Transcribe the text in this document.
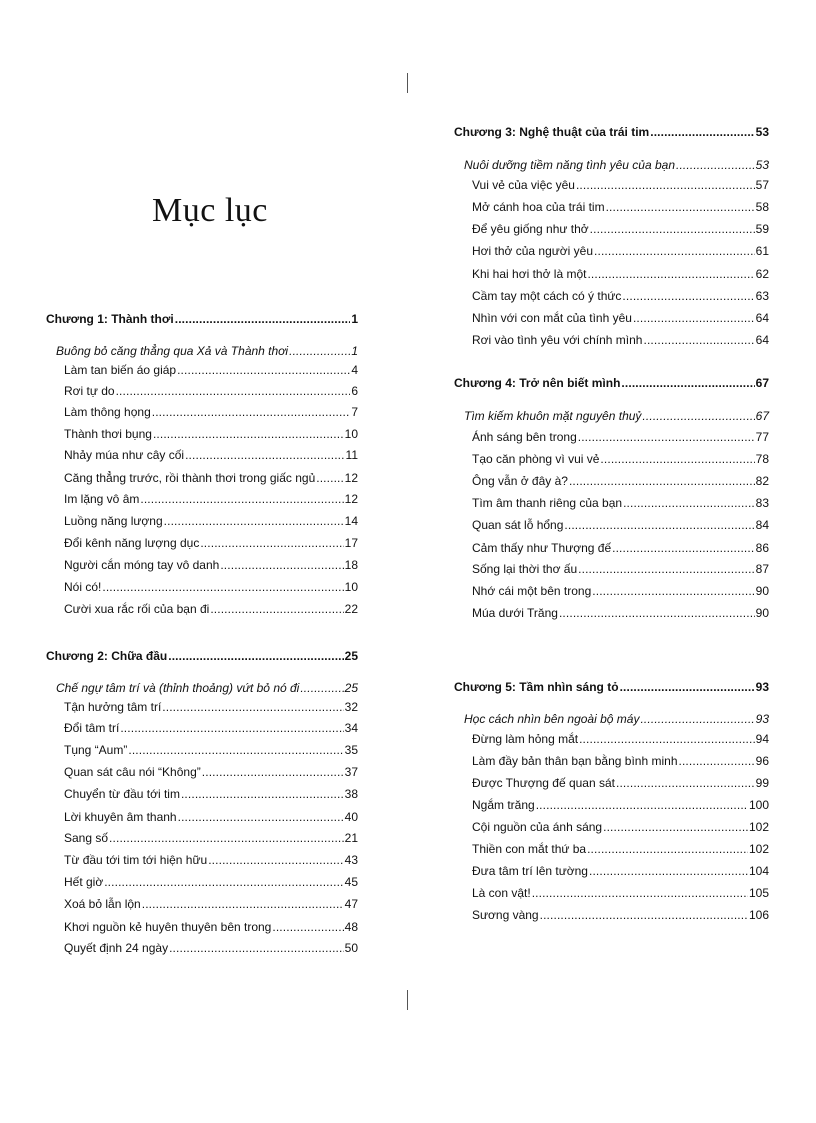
Mục lục
Chương 1: Thành thơi . . .	1
Buông bỏ căng thẳng qua Xả và Thành thơi . . .	1
Làm tan biến áo giáp . . .	4
Rơi tự do . . .	6
Làm thông họng . . .	7
Thành thơi bụng . . .	10
Nhảy múa như cây cối . . .	11
Căng thẳng trước, rồi thành thơi trong giấc ngủ . . . 12
Im lặng vô âm . . .	12
Luồng năng lượng . . .	14
Đổi kênh năng lượng dục . . .	17
Người cắn móng tay vô danh . . .	18
Nói có! . . .	10
Cười xua rắc rối của bạn đi . . .	22
Chương 2: Chữa đầu . . .	25
Chế ngự tâm trí và (thỉnh thoảng) vứt bỏ nó đi . . .	25
Tận hưởng tâm trí . . .	32
Đổi tâm trí . . .	34
Tụng “Aum” . . .	35
Quan sát câu nói “Không” . . .	37
Chuyển từ đầu tới tim . . .	38
Lời khuyên âm thanh . . .	40
Sang số . . .	21
Từ đầu tới tim tới hiện hữu . . .	43
Hết giờ . . .	45
Xoá bỏ lẫn lộn . . .	47
Khơi nguồn kẻ huyên thuyên bên trong . . .	48
Quyết định 24 ngày . . .	50
Chương 3: Nghệ thuật của trái tim . . .	53
Nuôi dưỡng tiềm năng tình yêu của bạn . . .	53
Vui vẻ của việc yêu . . .	57
Mở cánh hoa của trái tim . . .	58
Để yêu giống như thở . . .	59
Hơi thở của người yêu . . .	61
Khi hai hơi thở là một . . .	62
Cầm tay một cách có ý thức . . .	63
Nhìn với con mắt của tình yêu . . .	64
Rơi vào tình yêu với chính mình . . .	64
Chương 4: Trở nên biết mình . . .	67
Tìm kiếm khuôn mặt nguyên thuỷ . . .	67
Ánh sáng bên trong . . .	77
Tạo căn phòng vì vui vẻ . . .	78
Ông vẫn ở đây à? . . .	82
Tìm âm thanh riêng của bạn . . .	83
Quan sát lỗ hổng . . .	84
Cảm thấy như Thượng đế . . .	86
Sống lại thời thơ ấu . . .	87
Nhớ cái một bên trong . . .	90
Múa dưới Trăng . . .	90
Chương 5: Tầm nhìn sáng tỏ . . .	93
Học cách nhìn bên ngoài bộ máy . . .	93
Đừng làm hỏng mắt . . .	94
Làm đầy bản thân bạn bằng bình minh . . .	96
Được Thượng đế quan sát . . .	99
Ngắm trăng . . .	100
Cội nguồn của ánh sáng . . .	102
Thiền con mắt thứ ba . . .	102
Đưa tâm trí lên tường . . .	104
Là con vật! . . .	105
Sương vàng . . .	106
